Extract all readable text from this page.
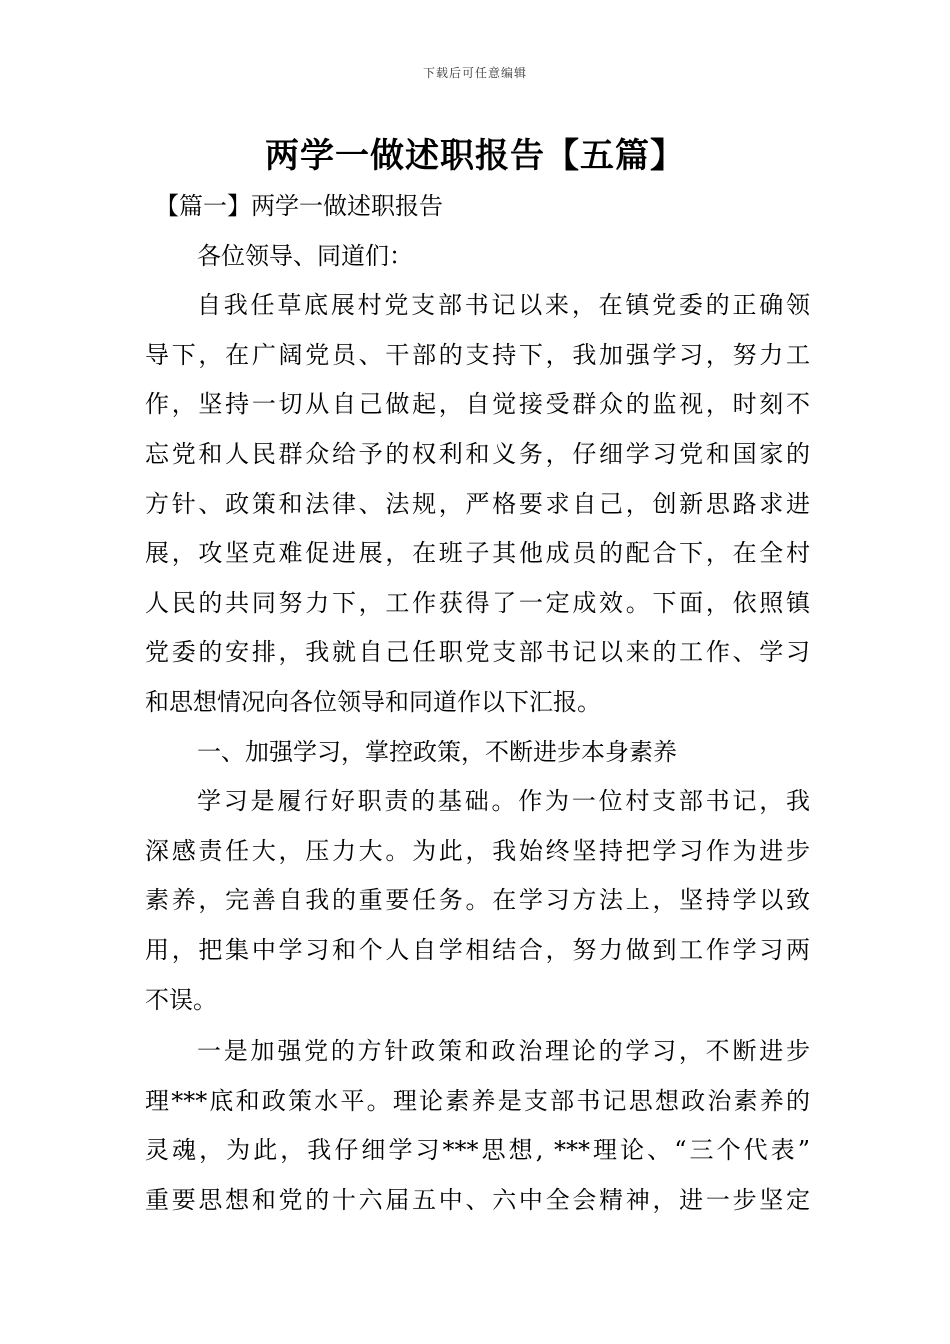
下载后可任意编辑
两学一做述职报告【五篇】
【篇一】两学一做述职报告
各位领导、同道们：
自我任草底展村党支部书记以来，在镇党委的正确领
导下，在广阔党员、干部的支持下，我加强学习，努力工
作，坚持一切从自己做起，自觉接受群众的监视，时刻不
忘党和人民群众给予的权利和义务，仔细学习党和国家的
方针、政策和法律、法规，严格要求自己，创新思路求进
展，攻坚克难促进展，在班子其他成员的配合下，在全村
人民的共同努力下，工作获得了一定成效。下面，依照镇
党委的安排，我就自己任职党支部书记以来的工作、学习
和思想情况向各位领导和同道作以下汇报。
一、加强学习，掌控政策，不断进步本身素养
学习是履行好职责的基础。作为一位村支部书记，我
深感责任大，压力大。为此，我始终坚持把学习作为进步
素养，完善自我的重要任务。在学习方法上，坚持学以致
用，把集中学习和个人自学相结合，努力做到工作学习两
不误。
一是加强党的方针政策和政治理论的学习，不断进步
理***底和政策水平。理论素养是支部书记思想政治素养的
灵魂，为此，我仔细学习***思想, ***理论、“三个代表”
重要思想和党的十六届五中、六中全会精神，进一步坚定
